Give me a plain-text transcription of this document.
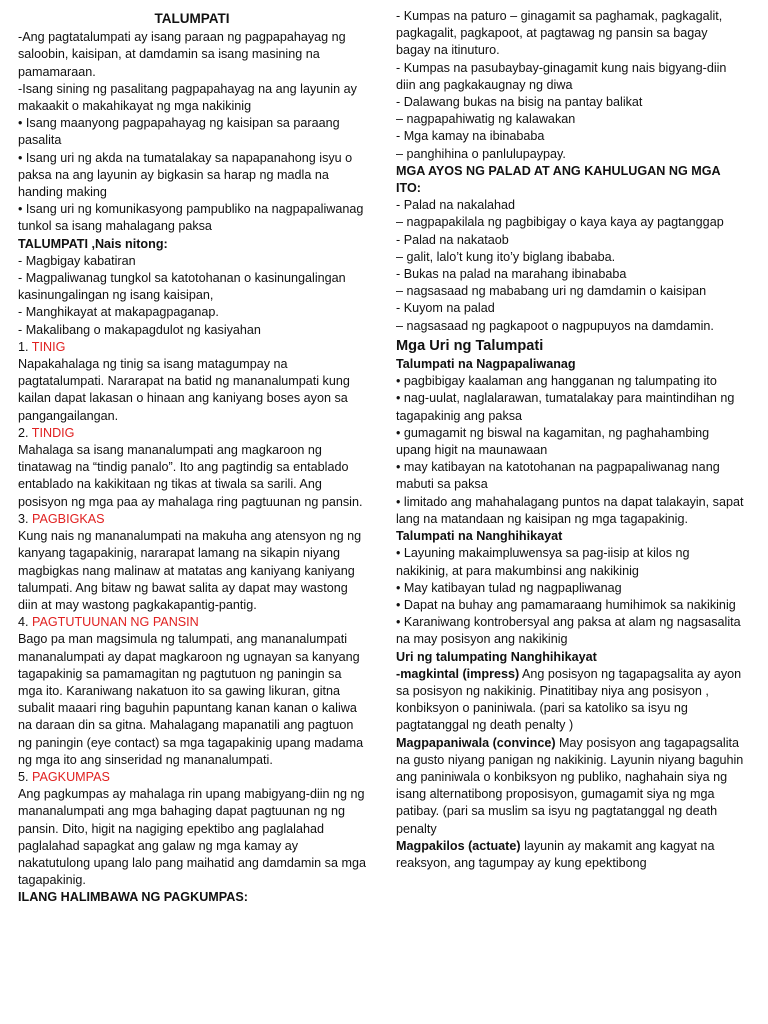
TALUMPATI

-Ang pagtatalumpati ay isang paraan ng pagpapahayag ng saloobin, kaisipan, at damdamin sa isang masining na pamamaraan.

-Isang sining ng pasalitang pagpapahayag na ang layunin ay makaakit o makahikayat ng mga nakikinig

• Isang maanyong pagpapahayag ng kaisipan sa paraang pasalita

• Isang uri ng akda na tumatalakay sa napapanahong isyu o paksa na ang layunin ay bigkasin sa harap ng madla na handing making

• Isang uri ng komunikasyong pampubliko na nagpapaliwanag tunkol sa isang mahalagang paksa

TALUMPATI ,Nais nitong:

- Magbigay kabatiran

- Magpaliwanag tungkol sa katotohanan o kasinungalingan kasinungalingan ng isang kaisipan,

- Manghikayat at makapagpaganap.

- Makalibang o makapagdulot ng kasiyahan

1. TINIG

Napakahalaga ng tinig sa isang matagumpay na pagtatalumpati. Nararapat na batid ng mananalumpati kung kailan dapat lakasan o hinaan ang kaniyang boses ayon sa pangangailangan.

2. TINDIG

Mahalaga sa isang mananalumpati ang magkaroon ng tinatawag na “tindig panalo”. Ito ang pagtindig sa entablado entablado na kakikitaan ng tikas at tiwala sa sarili. Ang posisyon ng mga paa ay mahalaga ring pagtuunan ng pansin.

3. PAGBIGKAS

Kung nais ng mananalumpati na makuha ang atensyon ng ng kanyang tagapakinig, nararapat lamang na sikapin niyang magbigkas nang malinaw at matatas ang kaniyang kaniyang talumpati. Ang bitaw ng bawat salita ay dapat may wastong diin at may wastong pagkakapantig-pantig.

4. PAGTUTUUNAN NG PANSIN

Bago pa man magsimula ng talumpati, ang mananalumpati mananalumpati ay dapat magkaroon ng ugnayan sa kanyang tagapakinig sa pamamagitan ng pagtutuon ng paningin sa mga ito. Karaniwang nakatuon ito sa gawing likuran, gitna subalit maaari ring baguhin papuntang kanan kanan o kaliwa na daraan din sa gitna. Mahalagang mapanatili ang pagtuon ng paningin (eye contact) sa mga tagapakinig upang madama ng mga ito ang sinseridad ng mananalumpati.

5. PAGKUMPAS

Ang pagkumpas ay mahalaga rin upang mabigyang-diin ng ng mananalumpati ang mga bahaging dapat pagtuunan ng ng pansin. Dito, higit na nagiging epektibo ang paglalahad paglalahad sapagkat ang galaw ng mga kamay ay nakatutulong upang lalo pang maihatid ang damdamin sa mga tagapakinig.

ILANG HALIMBAWA NG PAGKUMPAS:

- Kumpas na paturo – ginagamit sa paghamak, pagkagalit, pagkagalit, pagkapoot, at pagtawag ng pansin sa bagay bagay na itinuturo.

- Kumpas na pasubaybay-ginagamit kung nais bigyang-diin diin ang pagkakaugnay ng diwa

- Dalawang bukas na bisig na pantay balikat

– nagpapahiwatig ng kalawakan

- Mga kamay na ibinababa

– panghihina o panlulupaypay.

MGA AYOS NG PALAD AT ANG KAHULUGAN NG MGA ITO:

- Palad na nakalahad

– nagpapakilala ng pagbibigay o kaya kaya ay pagtanggap

- Palad na nakataob

– galit, lalo’t kung ito’y biglang ibababa.

- Bukas na palad na marahang ibinababa

– nagsasaad ng mababang uri ng damdamin o kaisipan

- Kuyom na palad

– nagsasaad ng pagkapoot o nagpupuyos na damdamin.

Mga Uri ng Talumpati

Talumpati na Nagpapaliwanag

• pagbibigay kaalaman ang hangganan ng talumpating ito

• nag-uulat, naglalarawan, tumatalakay para maintindihan ng tagapakinig ang paksa

• gumagamit ng biswal na kagamitan, ng paghahambing upang higit na maunawaan

• may katibayan na katotohanan na pagpapaliwanag nang mabuti sa paksa

• limitado ang mahahalagang puntos na dapat talakayin, sapat lang na matandaan ng kaisipan ng mga tagapakinig.

Talumpati na Nanghihikayat

• Layuning makaimpluwensya sa pag-iisip at kilos ng nakikinig, at para makumbinsi ang nakikinig

• May katibayan tulad ng nagpapliwanag

• Dapat na buhay ang pamamaraang humihimok sa nakikinig

• Karaniwang kontrobersyal ang paksa at alam ng nagsasalita na may posisyon ang nakikinig

Uri ng talumpating Nanghihikayat

-magkintal (impress) Ang posisyon ng tagapagsalita ay ayon sa posisyon ng nakikinig. Pinatitibay niya ang posisyon , konbiksyon o paniniwala. (pari sa katoliko sa isyu ng pagtatanggal ng death penalty )

Magpapaniwala (convince) May posisyon ang tagapagsalita na gusto niyang panigan ng nakikinig. Layunin niyang baguhin ang paniniwala o konbiksyon ng publiko, naghahain siya ng isang alternatibong proposisyon, gumagamit siya ng mga patibay. (pari sa muslim sa isyu ng pagtatanggal ng death penalty

Magpakilos (actuate) layunin ay makamit ang kagyat na reaksyon, ang tagumpay ay kung epektibong
